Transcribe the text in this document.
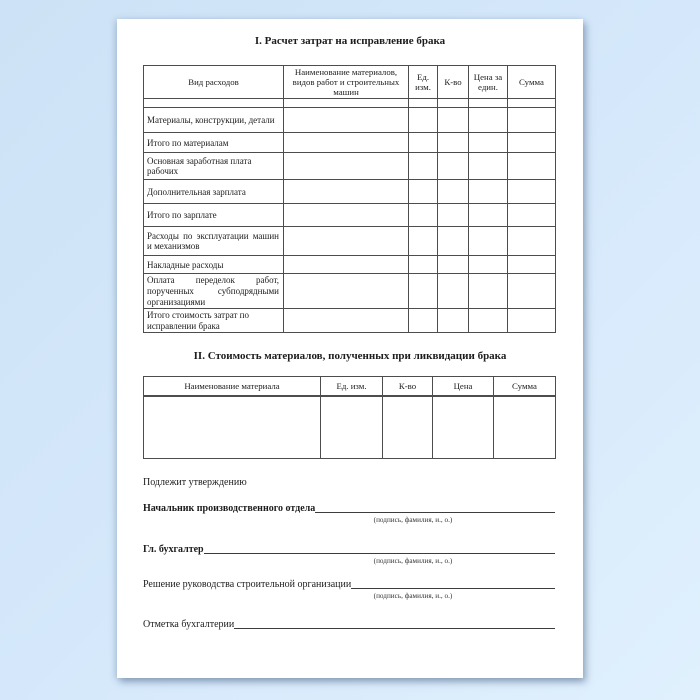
I. Расчет затрат на исправление брака
Вид расходов	Наименование материалов, видов работ и строительных машин	Ед. изм.	К-во	Цена за един.	Сумма

Материалы, конструкции, детали					
Итого по материалам					
Основная заработная плата рабочих					
Дополнительная зарплата					
Итого по зарплате					
Расходы по эксплуатации машин и механизмов					
Накладные расходы					
Оплата переделок работ, порученных субподрядными организациями					
Итого стоимость затрат по исправлении брака					
II. Стоимость материалов, полученных при ликвидации брака
Наименование материала	Ед. изм.	К-во	Цена	Сумма

Подлежит утверждению
Начальник производственного отдела
(подпись, фамилия, и., о.)
Гл. бухгалтер
(подпись, фамилия, и., о.)
Решение руководства строительной организации
(подпись, фамилия, и., о.)
Отметка бухгалтерии
